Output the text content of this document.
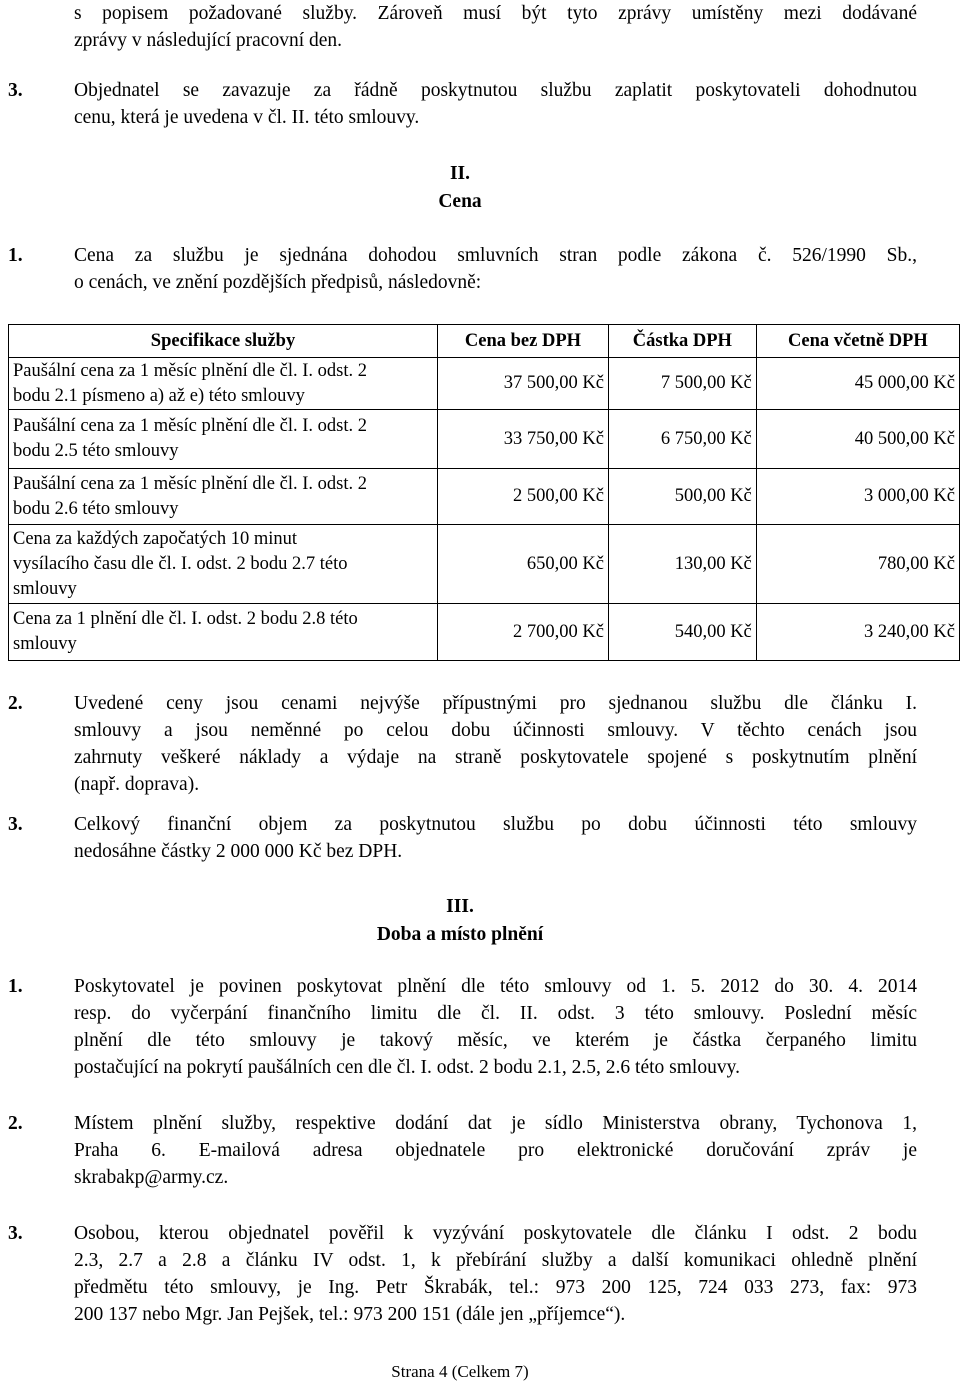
s popisem požadované služby. Zároveň musí být tyto zprávy umístěny mezi dodávané
zprávy v následující pracovní den.
3.	Objednatel se zavazuje za řádně poskytnutou službu zaplatit poskytovateli dohodnutou
cenu, která je uvedena v čl. II. této smlouvy.
II.
Cena
1.	Cena za službu je sjednána dohodou smluvních stran podle zákona č. 526/1990 Sb.,
o cenách, ve znění pozdějších předpisů, následovně:
Specifikace služby	Cena bez DPH	Částka DPH	Cena včetně DPH

Paušální cena za 1 měsíc plnění dle čl. I. odst. 2
bodu 2.1 písmeno a) až e) této smlouvy	37 500,00 Kč	7 500,00 Kč	45 000,00 Kč

Paušální cena za 1 měsíc plnění dle čl. I. odst. 2
bodu 2.5 této smlouvy	33 750,00 Kč	6 750,00 Kč	40 500,00 Kč

Paušální cena za 1 měsíc plnění dle čl. I. odst. 2
bodu 2.6 této smlouvy	2 500,00 Kč	500,00 Kč	3 000,00 Kč

Cena za každých započatých 10 minut
vysílacího času dle čl. I. odst. 2 bodu 2.7 této
smlouvy	650,00 Kč	130,00 Kč	780,00 Kč

Cena za 1 plnění dle čl. I. odst. 2 bodu 2.8 této
smlouvy	2 700,00 Kč	540,00 Kč	3 240,00 Kč
2.	Uvedené ceny jsou cenami nejvýše přípustnými pro sjednanou službu dle článku I.
smlouvy a jsou neměnné po celou dobu účinnosti smlouvy. V těchto cenách jsou
zahrnuty veškeré náklady a výdaje na straně poskytovatele spojené s poskytnutím plnění
(např. doprava).
3.	Celkový finanční objem za poskytnutou službu po dobu účinnosti této smlouvy
nedosáhne částky 2 000 000 Kč bez DPH.
III.
Doba a místo plnění
1.	Poskytovatel je povinen poskytovat plnění dle této smlouvy od 1. 5. 2012 do 30. 4. 2014
resp. do vyčerpání finančního limitu dle čl. II. odst. 3 této smlouvy. Poslední měsíc
plnění dle této smlouvy je takový měsíc, ve kterém je částka čerpaného limitu
postačující na pokrytí paušálních cen dle čl. I. odst. 2 bodu 2.1, 2.5, 2.6 této smlouvy.
2.	Místem plnění služby, respektive dodání dat je sídlo Ministerstva obrany, Tychonova 1,
Praha 6. E-mailová adresa objednatele pro elektronické doručování zpráv je
skrabakp@army.cz.
3.	Osobou, kterou objednatel pověřil k vyzývání poskytovatele dle článku I odst. 2 bodu
2.3, 2.7 a 2.8 a článku IV odst. 1, k přebírání služby a další komunikaci ohledně plnění
předmětu této smlouvy, je Ing. Petr Škrabák, tel.: 973 200 125, 724 033 273, fax: 973
200 137 nebo Mgr. Jan Pejšek, tel.: 973 200 151 (dále jen „příjemce“).
Strana 4 (Celkem 7)
